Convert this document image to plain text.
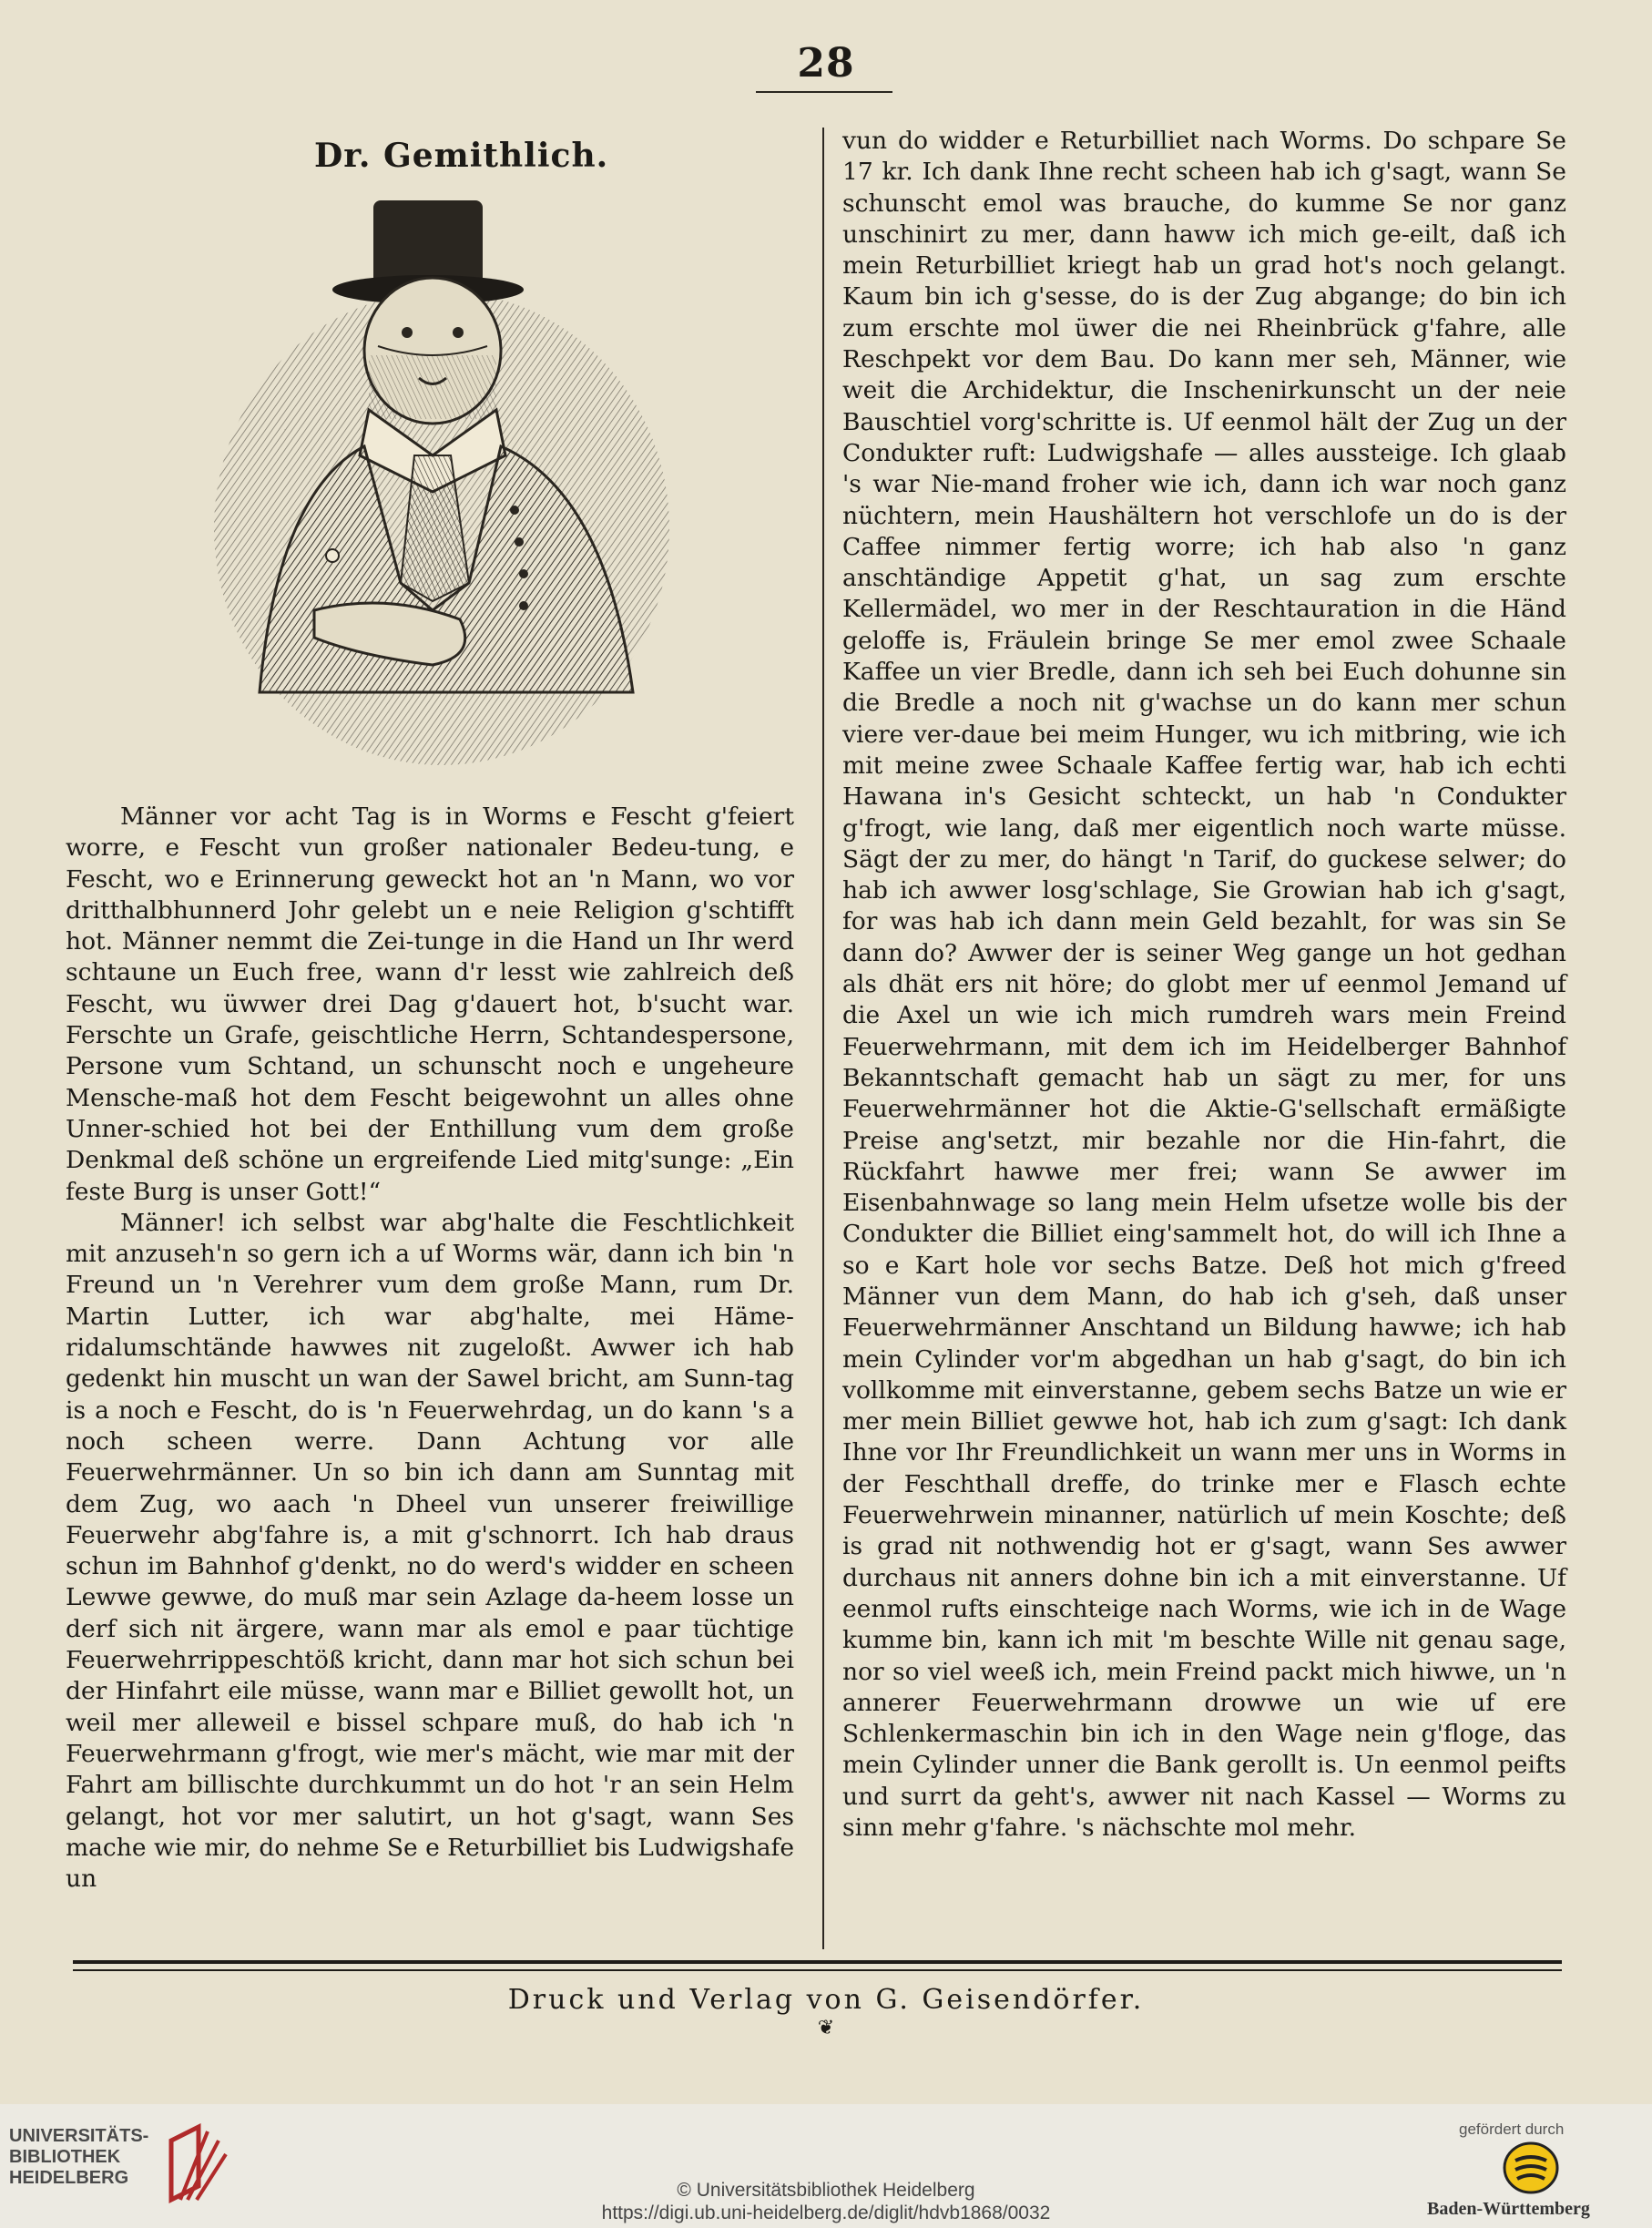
28
Dr. Gemithlich.

Männer vor acht Tag is in Worms e Fescht g'feiert worre, e Fescht vun großer nationaler Bedeu-tung, e Fescht, wo e Erinnerung geweckt hot an 'n Mann, wo vor dritthalbhunnerd Johr gelebt un e neie Religion g'schtifft hot. Männer nemmt die Zei-tunge in die Hand un Ihr werd schtaune un Euch free, wann d'r lesst wie zahlreich deß Fescht, wu üwwer drei Dag g'dauert hot, b'sucht war. Ferschte un Grafe, geischtliche Herrn, Schtandespersone, Persone vum Schtand, un schunscht noch e ungeheure Mensche-maß hot dem Fescht beigewohnt un alles ohne Unner-schied hot bei der Enthillung vum dem große Denkmal deß schöne un ergreifende Lied mitg'sunge: „Ein feste Burg is unser Gott!“

Männer! ich selbst war abg'halte die Feschtlichkeit mit anzuseh'n so gern ich a uf Worms wär, dann ich bin 'n Freund un 'n Verehrer vum dem große Mann, rum Dr. Martin Lutter, ich war abg'halte, mei Häme-ridalumschtände hawwes nit zugeloßt. Awwer ich hab gedenkt hin muscht un wan der Sawel bricht, am Sunn-tag is a noch e Fescht, do is 'n Feuerwehrdag, un do kann 's a noch scheen werre. Dann Achtung vor alle Feuerwehrmänner. Un so bin ich dann am Sunntag mit dem Zug, wo aach 'n Dheel vun unserer freiwillige Feuerwehr abg'fahre is, a mit g'schnorrt. Ich hab draus schun im Bahnhof g'denkt, no do werd's widder en scheen Lewwe gewwe, do muß mar sein Azlage da-heem losse un derf sich nit ärgere, wann mar als emol e paar tüchtige Feuerwehrrippeschtöß kricht, dann mar hot sich schun bei der Hinfahrt eile müsse, wann mar e Billiet gewollt hot, un weil mer alleweil e bissel schpare muß, do hab ich 'n Feuerwehrmann g'frogt, wie mer's mächt, wie mar mit der Fahrt am billischte durchkummt un do hot 'r an sein Helm gelangt, hot vor mer salutirt, un hot g'sagt, wann Ses mache wie mir, do nehme Se e Returbilliet bis Ludwigshafe un

vun do widder e Returbilliet nach Worms. Do schpare Se 17 kr. Ich dank Ihne recht scheen hab ich g'sagt, wann Se schunscht emol was brauche, do kumme Se nor ganz unschinirt zu mer, dann haww ich mich ge-eilt, daß ich mein Returbilliet kriegt hab un grad hot's noch gelangt. Kaum bin ich g'sesse, do is der Zug abgange; do bin ich zum erschte mol üwer die nei Rheinbrück g'fahre, alle Reschpekt vor dem Bau. Do kann mer seh, Männer, wie weit die Archidektur, die Inschenirkunscht un der neie Bauschtiel vorg'schritte is. Uf eenmol hält der Zug un der Condukter ruft: Ludwigshafe — alles aussteige. Ich glaab 's war Nie-mand froher wie ich, dann ich war noch ganz nüchtern, mein Haushältern hot verschlofe un do is der Caffee nimmer fertig worre; ich hab also 'n ganz anschtändige Appetit g'hat, un sag zum erschte Kellermädel, wo mer in der Reschtauration in die Händ geloffe is, Fräulein bringe Se mer emol zwee Schaale Kaffee un vier Bredle, dann ich seh bei Euch dohunne sin die Bredle a noch nit g'wachse un do kann mer schun viere ver-daue bei meim Hunger, wu ich mitbring, wie ich mit meine zwee Schaale Kaffee fertig war, hab ich echti Hawana in's Gesicht schteckt, un hab 'n Condukter g'frogt, wie lang, daß mer eigentlich noch warte müsse. Sägt der zu mer, do hängt 'n Tarif, do guckese selwer; do hab ich awwer losg'schlage, Sie Growian hab ich g'sagt, for was hab ich dann mein Geld bezahlt, for was sin Se dann do? Awwer der is seiner Weg gange un hot gedhan als dhät ers nit höre; do globt mer uf eenmol Jemand uf die Axel un wie ich mich rumdreh wars mein Freind Feuerwehrmann, mit dem ich im Heidelberger Bahnhof Bekanntschaft gemacht hab un sägt zu mer, for uns Feuerwehrmänner hot die Aktie-G'sellschaft ermäßigte Preise ang'setzt, mir bezahle nor die Hin-fahrt, die Rückfahrt hawwe mer frei; wann Se awwer im Eisenbahnwage so lang mein Helm ufsetze wolle bis der Condukter die Billiet eing'sammelt hot, do will ich Ihne a so e Kart hole vor sechs Batze. Deß hot mich g'freed Männer vun dem Mann, do hab ich g'seh, daß unser Feuerwehrmänner Anschtand un Bildung hawwe; ich hab mein Cylinder vor'm abgedhan un hab g'sagt, do bin ich vollkomme mit einverstanne, gebem sechs Batze un wie er mer mein Billiet gewwe hot, hab ich zum g'sagt: Ich dank Ihne vor Ihr Freundlichkeit un wann mer uns in Worms in der Feschthall dreffe, do trinke mer e Flasch echte Feuerwehrwein minanner, natürlich uf mein Koschte; deß is grad nit nothwendig hot er g'sagt, wann Ses awwer durchaus nit anners dohne bin ich a mit einverstanne. Uf eenmol rufts einschteige nach Worms, wie ich in de Wage kumme bin, kann ich mit 'm beschte Wille nit genau sage, nor so viel weeß ich, mein Freind packt mich hiwwe, un 'n annerer Feuerwehrmann drowwe un wie uf ere Schlenkermaschin bin ich in den Wage nein g'floge, das mein Cylinder unner die Bank gerollt is. Un eenmol peifts und surrt da geht's, awwer nit nach Kassel — Worms zu sinn mehr g'fahre. 's nächschte mol mehr.

Druck und Verlag von G. Geisendörfer.
❦
UNIVERSITÄTS-
BIBLIOTHEK
HEIDELBERG
© Universitätsbibliothek Heidelberg
https://digi.ub.uni-heidelberg.de/diglit/hdvb1868/0032
gefördert durch
Baden-Württemberg
